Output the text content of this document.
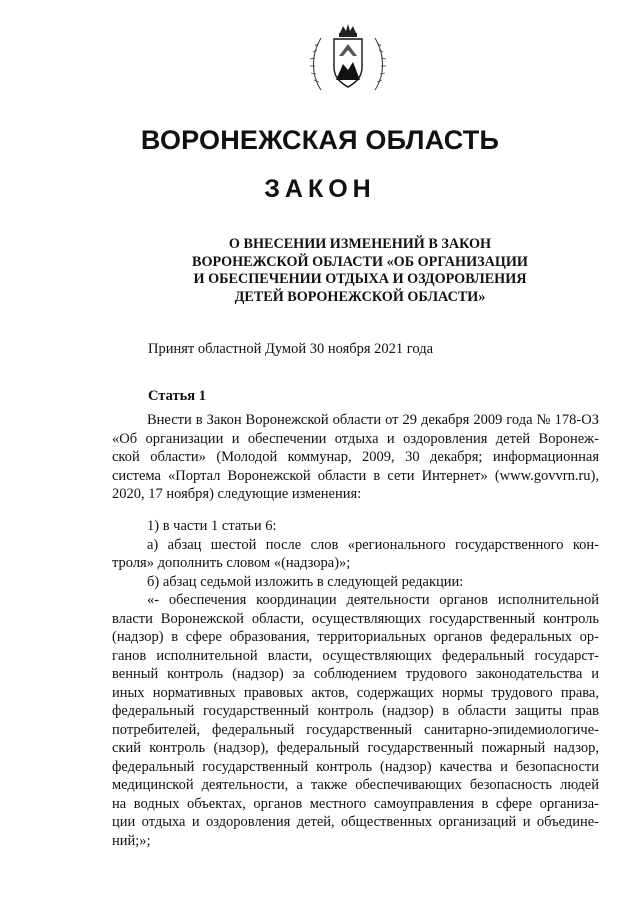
ВОРОНЕЖСКАЯ ОБЛАСТЬ
ЗАКОН
О ВНЕСЕНИИ ИЗМЕНЕНИЙ В ЗАКОН
ВОРОНЕЖСКОЙ ОБЛАСТИ «ОБ ОРГАНИЗАЦИИ
И ОБЕСПЕЧЕНИИ ОТДЫХА И ОЗДОРОВЛЕНИЯ
ДЕТЕЙ ВОРОНЕЖСКОЙ ОБЛАСТИ»
Принят областной Думой 30 ноября 2021 года
Статья 1
Внести в Закон Воронежской области от 29 декабря 2009 года № 178-ОЗ
«Об организации и обеспечении отдыха и оздоровления детей Воронеж-
ской области» (Молодой коммунар, 2009, 30 декабря; информационная
система «Портал Воронежской области в сети Интернет» (www.govvrn.ru),
2020, 17 ноября) следующие изменения:
1) в части 1 статьи 6:
а) абзац шестой после слов «регионального государственного кон-
троля» дополнить словом «(надзора)»;
б) абзац седьмой изложить в следующей редакции:
«- обеспечения координации деятельности органов исполнительной
власти Воронежской области, осуществляющих государственный контроль
(надзор) в сфере образования, территориальных органов федеральных ор-
ганов исполнительной власти, осуществляющих федеральный государст-
венный контроль (надзор) за соблюдением трудового законодательства и
иных нормативных правовых актов, содержащих нормы трудового права,
федеральный государственный контроль (надзор) в области защиты прав
потребителей, федеральный государственный санитарно-эпидемиологиче-
ский контроль (надзор), федеральный государственный пожарный надзор,
федеральный государственный контроль (надзор) качества и безопасности
медицинской деятельности, а также обеспечивающих безопасность людей
на водных объектах, органов местного самоуправления в сфере организа-
ции отдыха и оздоровления детей, общественных организаций и объедине-
ний;»;
